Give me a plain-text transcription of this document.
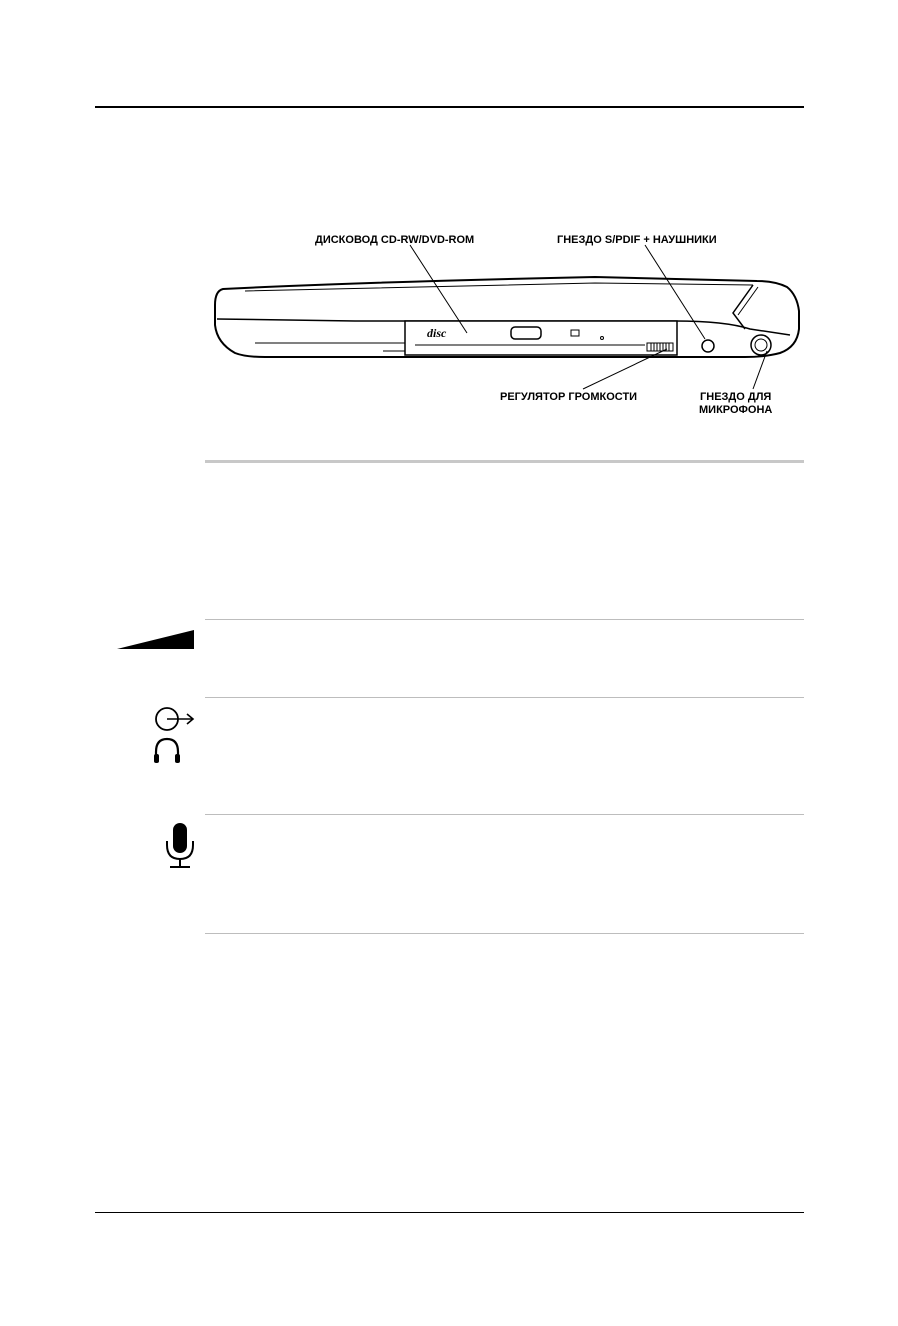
disc
ДИСКОВОД CD-RW/DVD-ROM	ГНЕЗДО S/PDIF + НАУШНИКИ
РЕГУЛЯТОР ГРОМКОСТИ	ГНЕЗДО ДЛЯ
МИКРОФОНА
